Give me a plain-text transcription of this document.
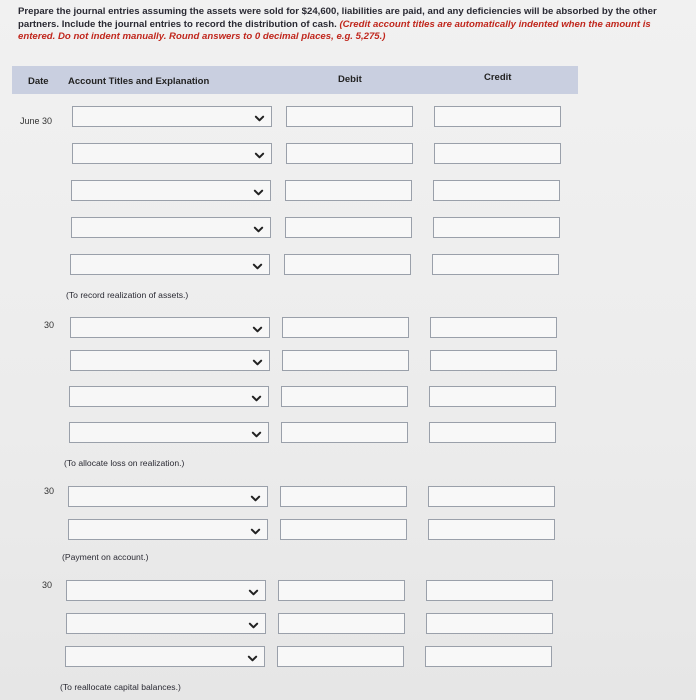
Prepare the journal entries assuming the assets were sold for $24,600, liabilities are paid, and any deficiencies will be absorbed by the other partners. Include the journal entries to record the distribution of cash. (Credit account titles are automatically indented when the amount is entered. Do not indent manually. Round answers to 0 decimal places, e.g. 5,275.)
Date Account Titles and Explanation	Debit	Credit
June 30
(To record realization of assets.)
30
(To allocate loss on realization.)
30
(Payment on account.)
30
(To reallocate capital balances.)
